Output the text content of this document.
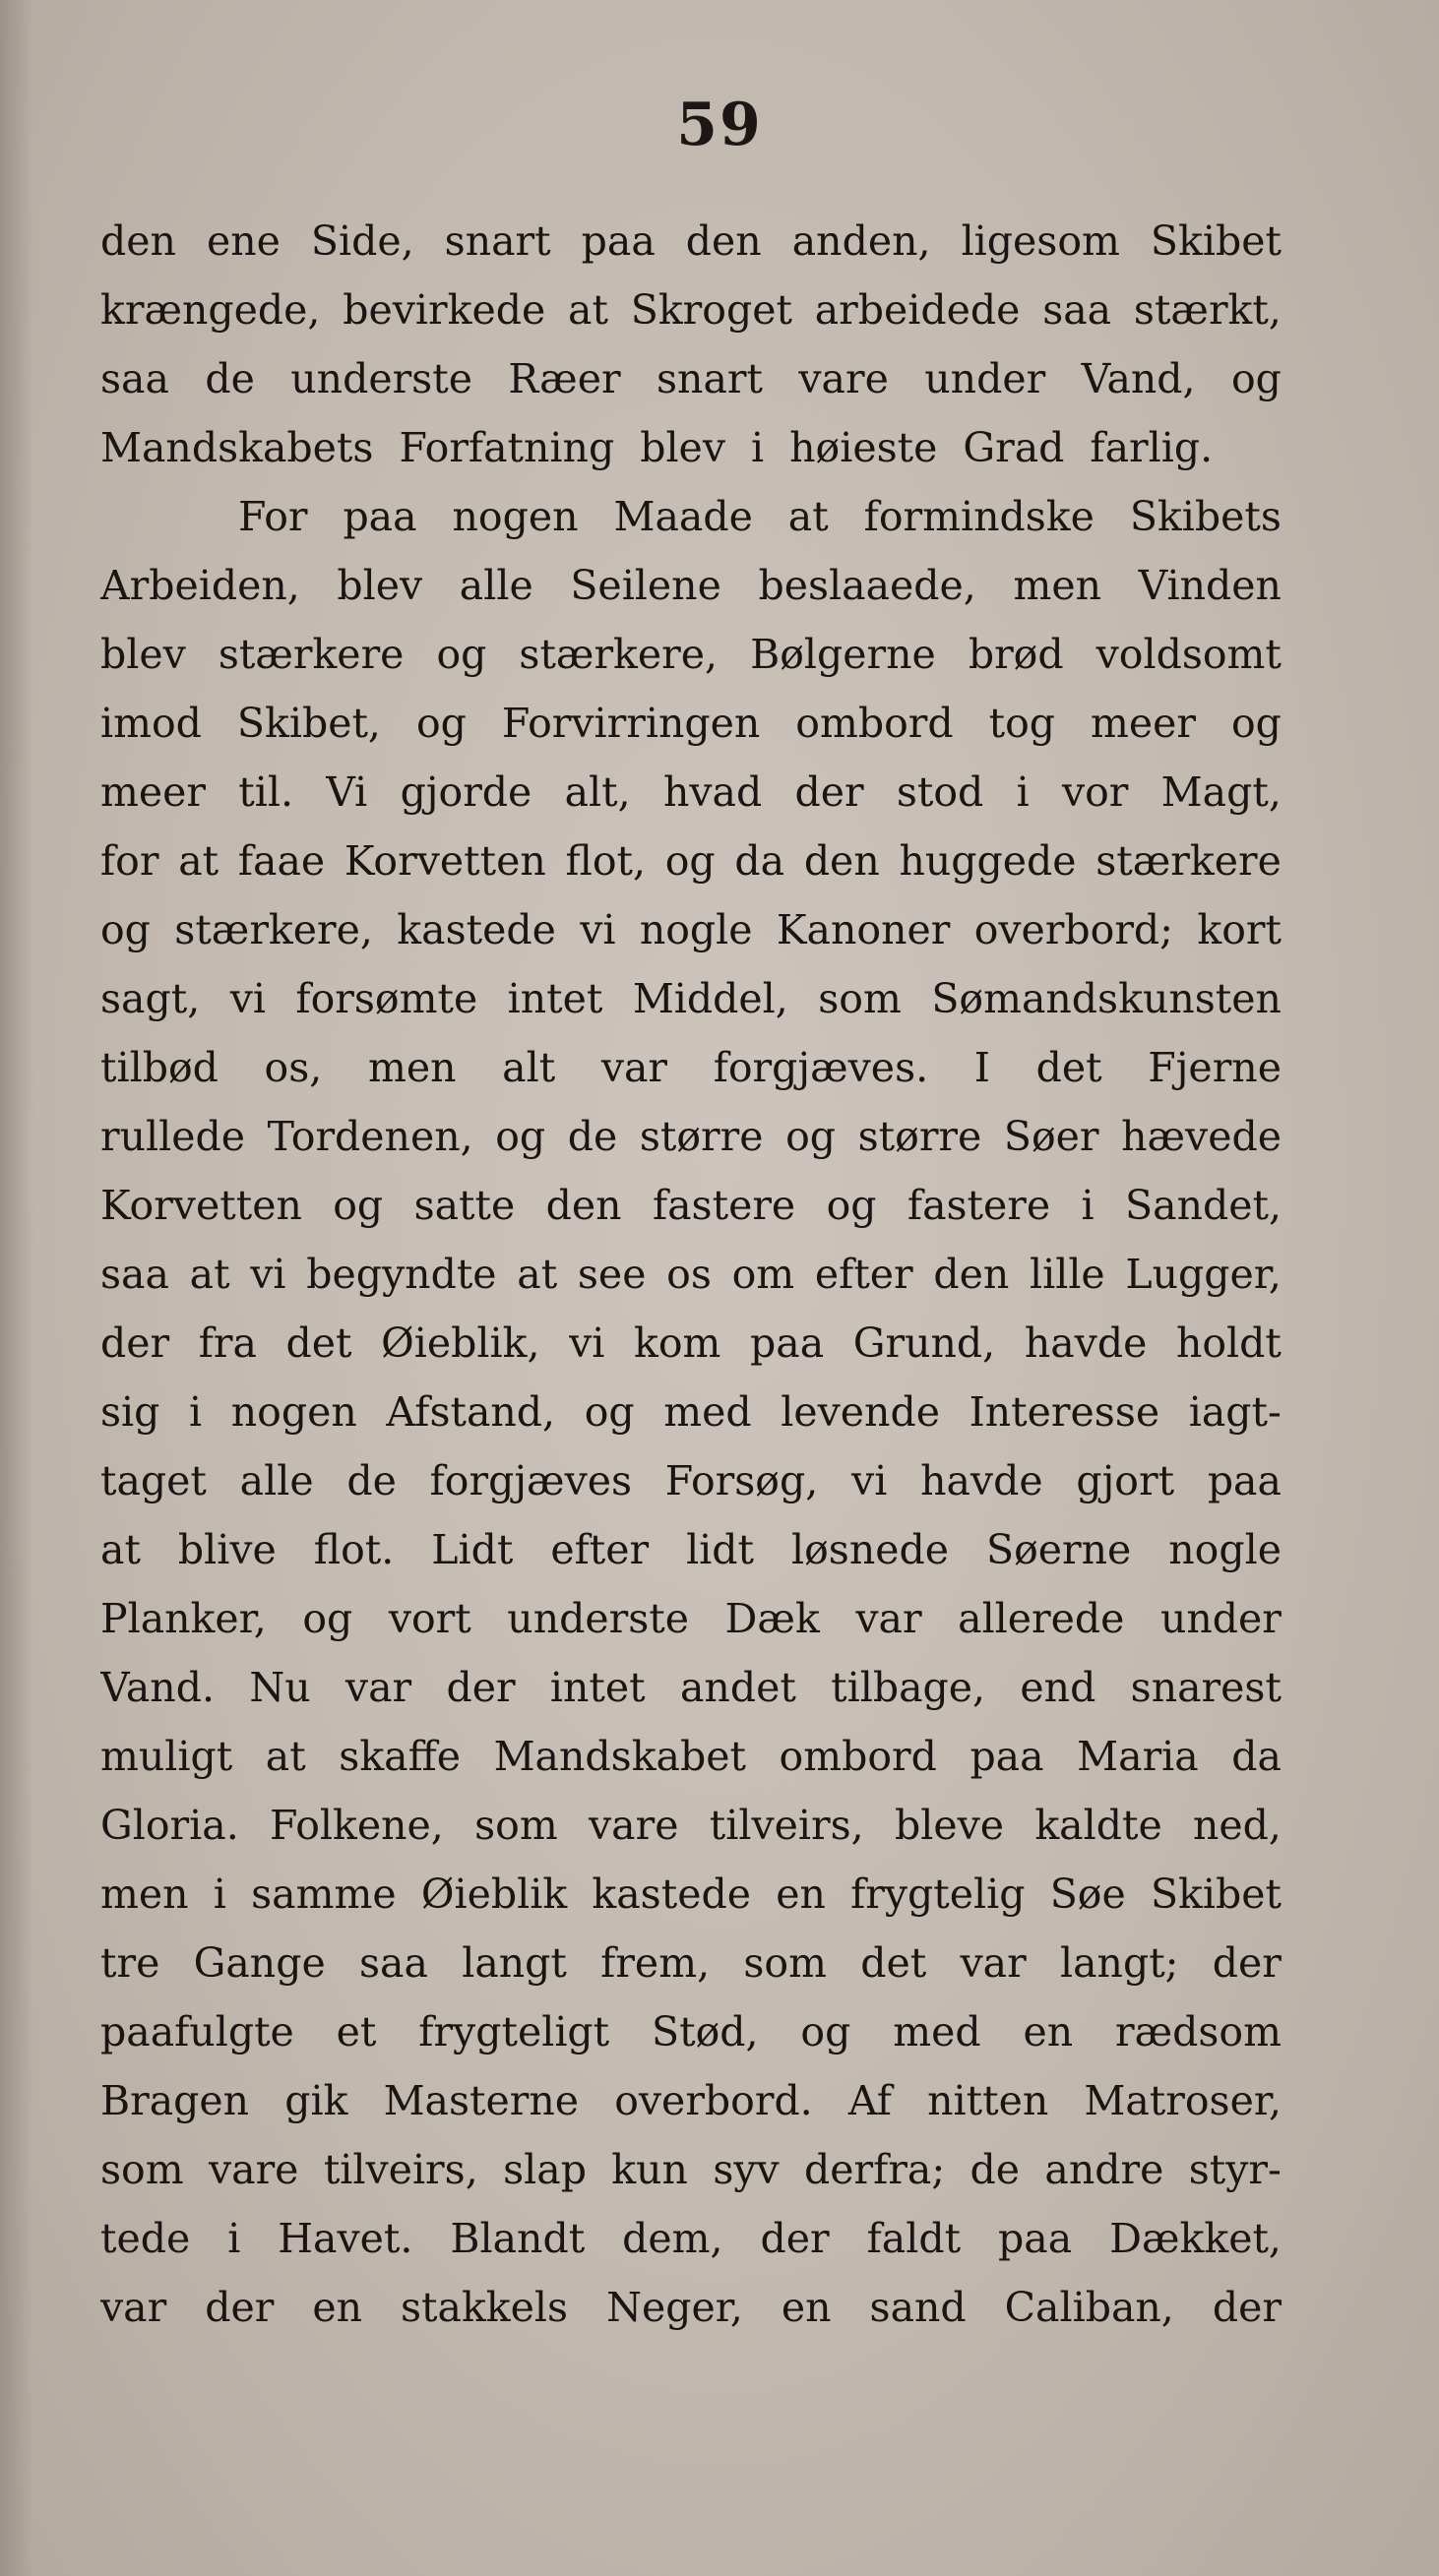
59
den ene Side, snart paa den anden, ligesom Skibet
krængede, bevirkede at Skroget arbeidede saa stærkt,
saa de underste Ræer snart vare under Vand, og
Mandskabets Forfatning blev i høieste Grad farlig.
For paa nogen Maade at formindske Skibets
Arbeiden, blev alle Seilene beslaaede, men Vinden
blev stærkere og stærkere, Bølgerne brød voldsomt
imod Skibet, og Forvirringen ombord tog meer og
meer til. Vi gjorde alt, hvad der stod i vor Magt,
for at faae Korvetten flot, og da den huggede stærkere
og stærkere, kastede vi nogle Kanoner overbord; kort
sagt, vi forsømte intet Middel, som Sømandskunsten
tilbød os, men alt var forgjæves. I det Fjerne
rullede Tordenen, og de større og større Søer hævede
Korvetten og satte den fastere og fastere i Sandet,
saa at vi begyndte at see os om efter den lille Lugger,
der fra det Øieblik, vi kom paa Grund, havde holdt
sig i nogen Afstand, og med levende Interesse iagt-
taget alle de forgjæves Forsøg, vi havde gjort paa
at blive flot. Lidt efter lidt løsnede Søerne nogle
Planker, og vort underste Dæk var allerede under
Vand. Nu var der intet andet tilbage, end snarest
muligt at skaffe Mandskabet ombord paa Maria da
Gloria. Folkene, som vare tilveirs, bleve kaldte ned,
men i samme Øieblik kastede en frygtelig Søe Skibet
tre Gange saa langt frem, som det var langt; der
paafulgte et frygteligt Stød, og med en rædsom
Bragen gik Masterne overbord. Af nitten Matroser,
som vare tilveirs, slap kun syv derfra; de andre styr-
tede i Havet. Blandt dem, der faldt paa Dækket,
var der en stakkels Neger, en sand Caliban, der
